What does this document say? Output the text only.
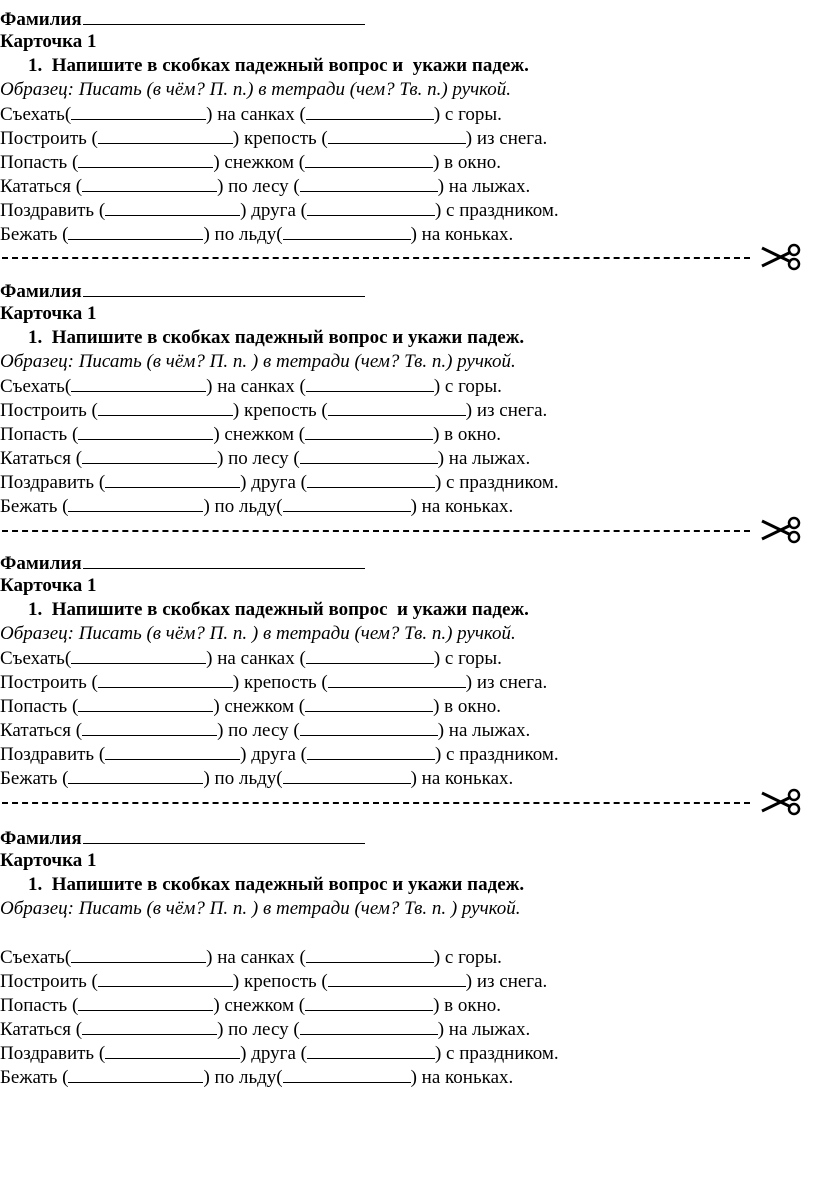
Фамилия
Карточка 1
1. Напишите в скобках падежный вопрос и  укажи падеж.
Образец: Писать (в чём? П. п.) в тетради (чем? Тв. п.) ручкой.
Съехать(	) на санках (	) с горы.
Построить (	) крепость (	) из снега.
Попасть (	) снежком (	) в окно.
Кататься (	) по лесу (	) на лыжах.
Поздравить (	) друга (	) с праздником.
Бежать (	) по льду(	) на коньках.
Фамилия
Карточка 1
1. Напишите в скобках падежный вопрос и укажи падеж.
Образец: Писать (в чём? П. п. ) в тетради (чем? Тв. п.) ручкой.
Съехать(	) на санках (	) с горы.
Построить (	) крепость (	) из снега.
Попасть (	) снежком (	) в окно.
Кататься (	) по лесу (	) на лыжах.
Поздравить (	) друга (	) с праздником.
Бежать (	) по льду(	) на коньках.
Фамилия
Карточка 1
1. Напишите в скобках падежный вопрос  и укажи падеж.
Образец: Писать (в чём? П. п. ) в тетради (чем? Тв. п.) ручкой.
Съехать(	) на санках (	) с горы.
Построить (	) крепость (	) из снега.
Попасть (	) снежком (	) в окно.
Кататься (	) по лесу (	) на лыжах.
Поздравить (	) друга (	) с праздником.
Бежать (	) по льду(	) на коньках.
Фамилия
Карточка 1
1. Напишите в скобках падежный вопрос и укажи падеж.
Образец: Писать (в чём? П. п. ) в тетради (чем? Тв. п. ) ручкой.
Съехать(	) на санках (	) с горы.
Построить (	) крепость (	) из снега.
Попасть (	) снежком (	) в окно.
Кататься (	) по лесу (	) на лыжах.
Поздравить (	) друга (	) с праздником.
Бежать (	) по льду(	) на коньках.
